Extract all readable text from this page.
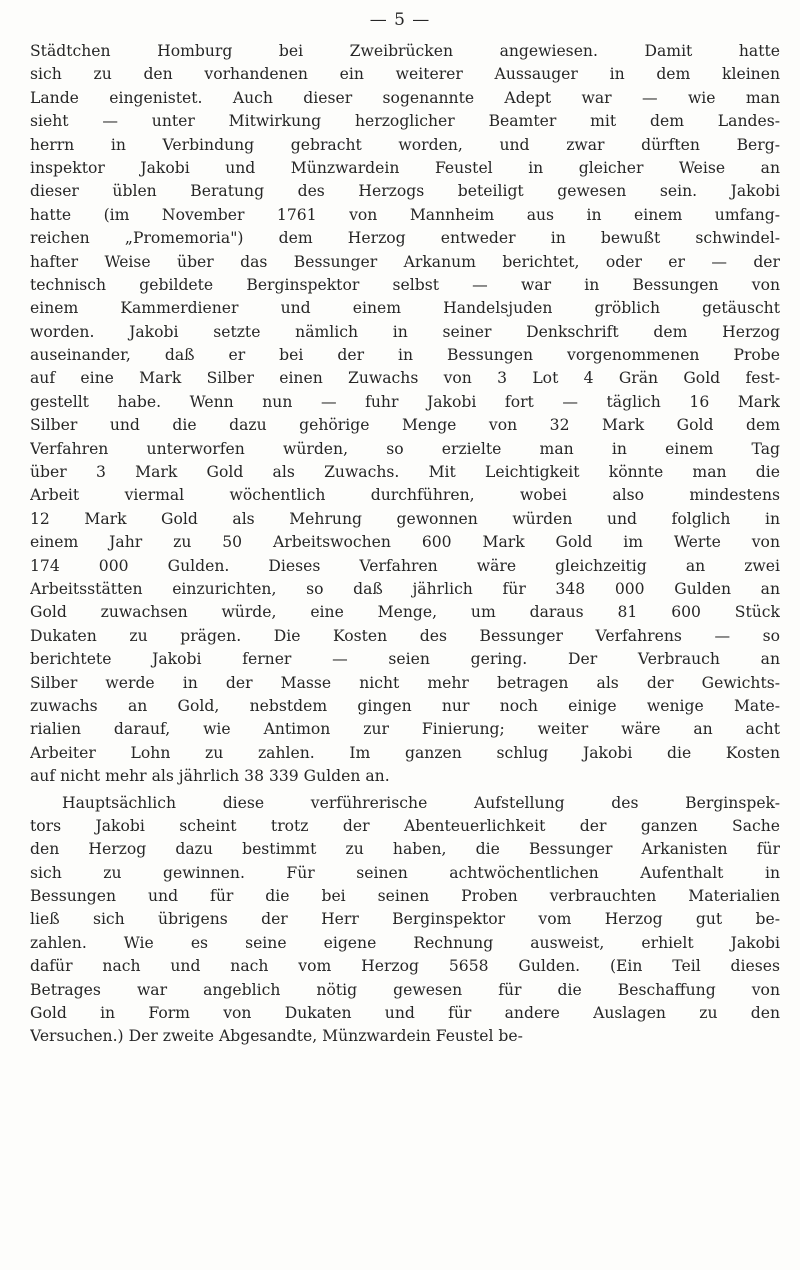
— 5 —
Städtchen Homburg bei Zweibrücken angewiesen. Damit hatte
sich zu den vorhandenen ein weiterer Aussauger in dem kleinen
Lande eingenistet. Auch dieser sogenannte Adept war — wie man
sieht — unter Mitwirkung herzoglicher Beamter mit dem Landes-
herrn in Verbindung gebracht worden, und zwar dürften Berg-
inspektor Jakobi und Münzwardein Feustel in gleicher Weise an
dieser üblen Beratung des Herzogs beteiligt gewesen sein. Jakobi
hatte (im November 1761 von Mannheim aus in einem umfang-
reichen „Promemoria") dem Herzog entweder in bewußt schwindel-
hafter Weise über das Bessunger Arkanum berichtet, oder er — der
technisch gebildete Berginspektor selbst — war in Bessungen von
einem Kammerdiener und einem Handelsjuden gröblich getäuscht
worden. Jakobi setzte nämlich in seiner Denkschrift dem Herzog
auseinander, daß er bei der in Bessungen vorgenommenen Probe
auf eine Mark Silber einen Zuwachs von 3 Lot 4 Grän Gold fest-
gestellt habe. Wenn nun — fuhr Jakobi fort — täglich 16 Mark
Silber und die dazu gehörige Menge von 32 Mark Gold dem
Verfahren unterworfen würden, so erzielte man in einem Tag
über 3 Mark Gold als Zuwachs. Mit Leichtigkeit könnte man die
Arbeit viermal wöchentlich durchführen, wobei also mindestens
12 Mark Gold als Mehrung gewonnen würden und folglich in
einem Jahr zu 50 Arbeitswochen 600 Mark Gold im Werte von
174 000 Gulden. Dieses Verfahren wäre gleichzeitig an zwei
Arbeitsstätten einzurichten, so daß jährlich für 348 000 Gulden an
Gold zuwachsen würde, eine Menge, um daraus 81 600 Stück
Dukaten zu prägen. Die Kosten des Bessunger Verfahrens — so
berichtete Jakobi ferner — seien gering. Der Verbrauch an
Silber werde in der Masse nicht mehr betragen als der Gewichts-
zuwachs an Gold, nebstdem gingen nur noch einige wenige Mate-
rialien darauf, wie Antimon zur Finierung; weiter wäre an acht
Arbeiter Lohn zu zahlen. Im ganzen schlug Jakobi die Kosten
auf nicht mehr als jährlich 38 339 Gulden an.
Hauptsächlich diese verführerische Aufstellung des Berginspek-
tors Jakobi scheint trotz der Abenteuerlichkeit der ganzen Sache
den Herzog dazu bestimmt zu haben, die Bessunger Arkanisten für
sich zu gewinnen. Für seinen achtwöchentlichen Aufenthalt in
Bessungen und für die bei seinen Proben verbrauchten Materialien
ließ sich übrigens der Herr Berginspektor vom Herzog gut be-
zahlen. Wie es seine eigene Rechnung ausweist, erhielt Jakobi
dafür nach und nach vom Herzog 5658 Gulden. (Ein Teil dieses
Betrages war angeblich nötig gewesen für die Beschaffung von
Gold in Form von Dukaten und für andere Auslagen zu den
Versuchen.) Der zweite Abgesandte, Münzwardein Feustel be-
